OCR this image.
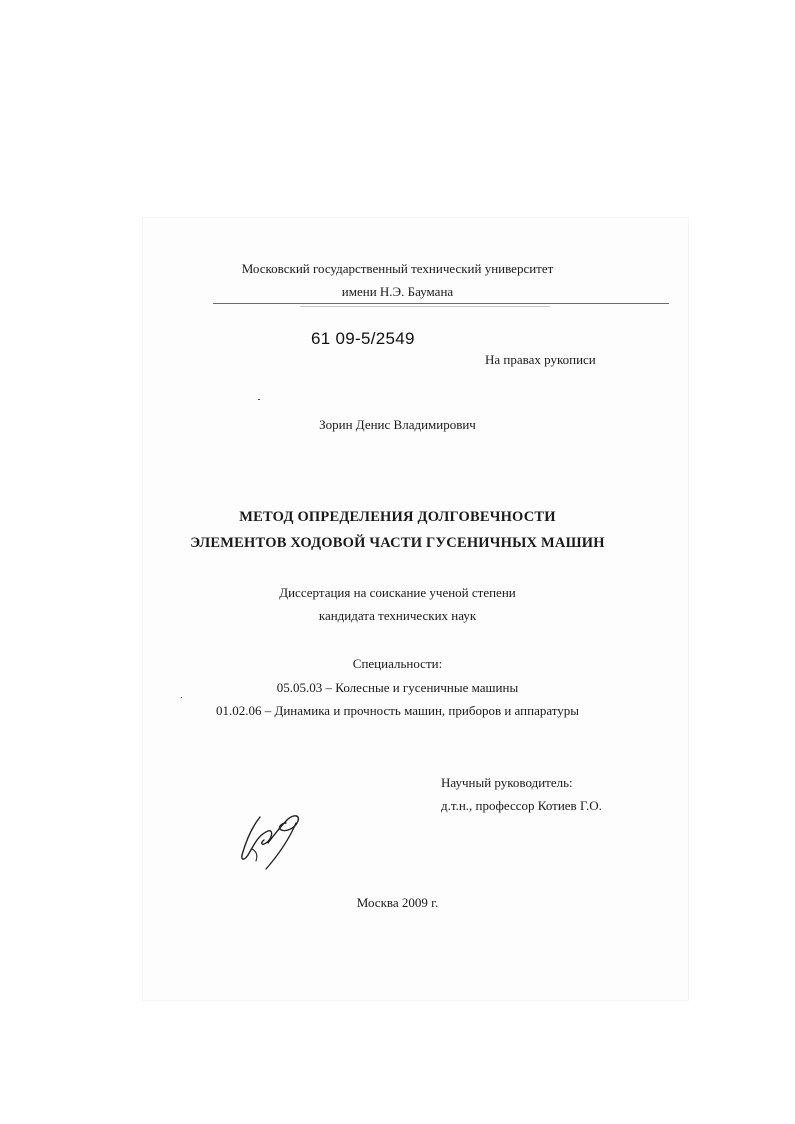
Московский государственный технический университет
имени Н.Э. Баумана
61 09-5/2549
На правах рукописи
Зорин Денис Владимирович
МЕТОД ОПРЕДЕЛЕНИЯ ДОЛГОВЕЧНОСТИ
ЭЛЕМЕНТОВ ХОДОВОЙ ЧАСТИ ГУСЕНИЧНЫХ МАШИН
Диссертация на соискание ученой степени
кандидата технических наук
Специальности:
05.05.03 – Колесные и гусеничные машины
01.02.06 – Динамика и прочность машин, приборов и аппаратуры
Научный руководитель:
д.т.н., профессор Котиев Г.О.
Москва 2009 г.
